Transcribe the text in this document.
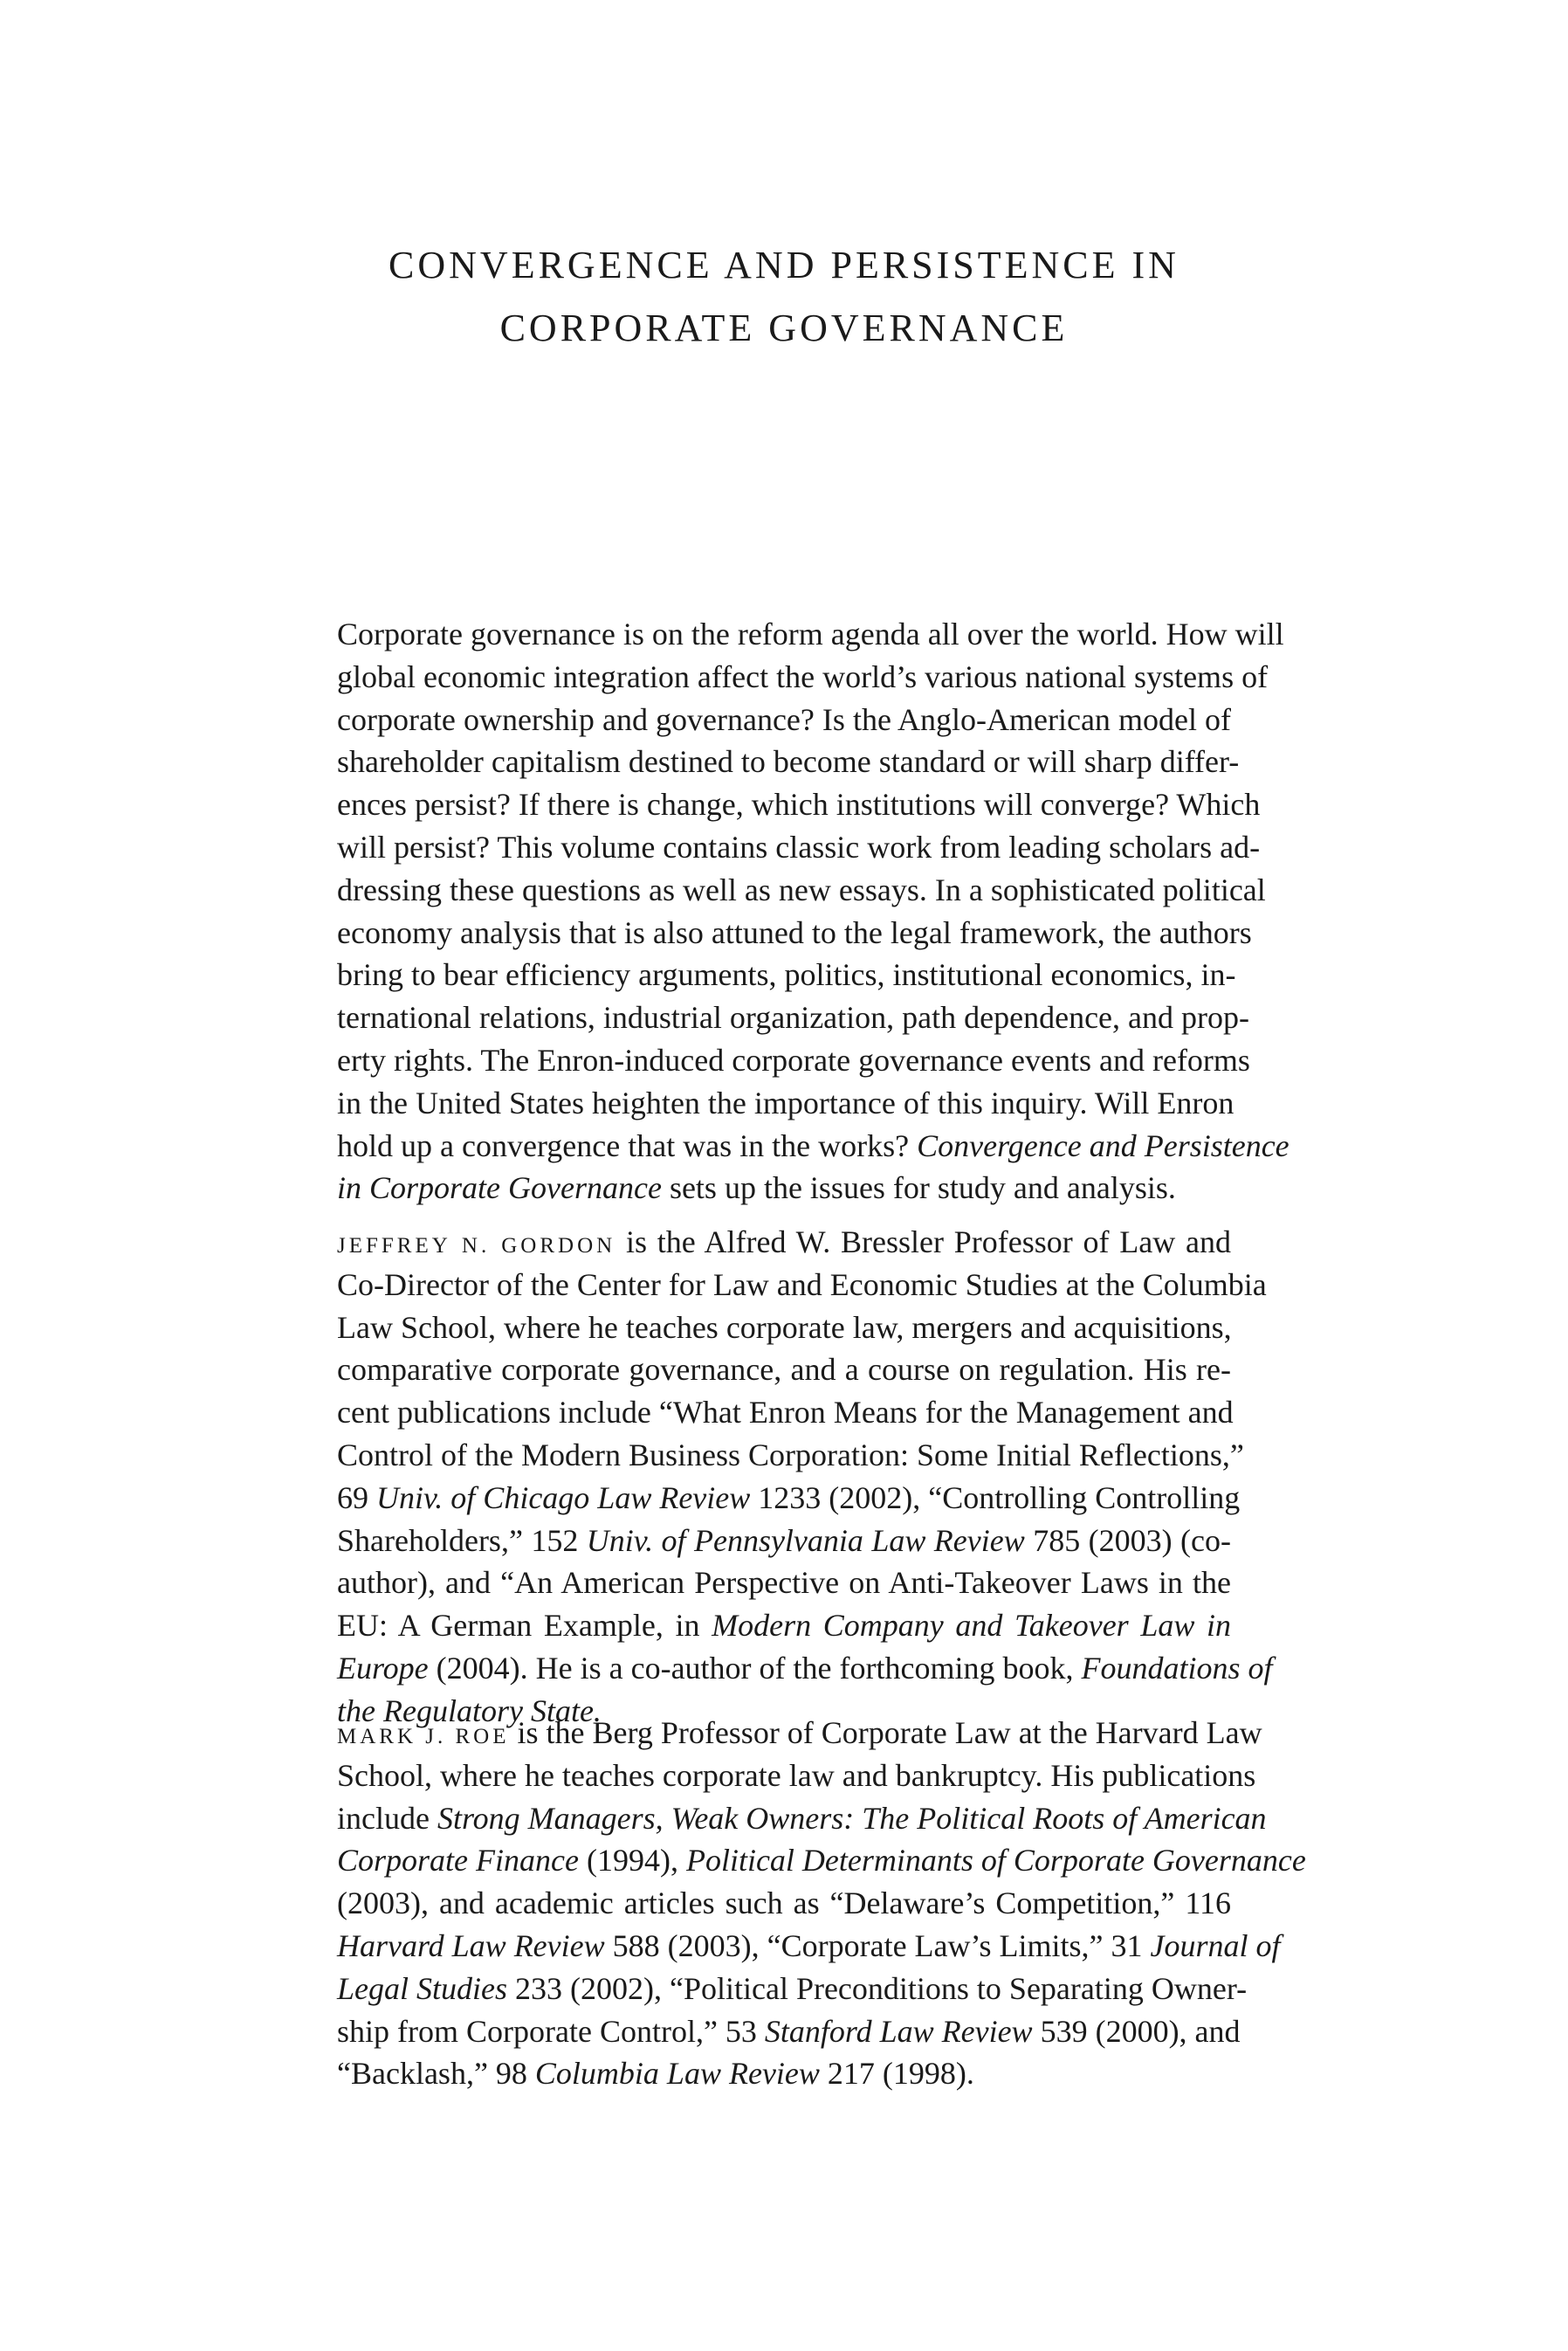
CONVERGENCE AND PERSISTENCE IN
CORPORATE GOVERNANCE

Corporate governance is on the reform agenda all over the world. How will
global economic integration affect the world’s various national systems of
corporate ownership and governance? Is the Anglo-American model of
shareholder capitalism destined to become standard or will sharp differ-
ences persist? If there is change, which institutions will converge? Which
will persist? This volume contains classic work from leading scholars ad-
dressing these questions as well as new essays. In a sophisticated political
economy analysis that is also attuned to the legal framework, the authors
bring to bear efficiency arguments, politics, institutional economics, in-
ternational relations, industrial organization, path dependence, and prop-
erty rights. The Enron-induced corporate governance events and reforms
in the United States heighten the importance of this inquiry. Will Enron
hold up a convergence that was in the works? Convergence and Persistence
in Corporate Governance sets up the issues for study and analysis.

JEFFREY N. GORDON is the Alfred W. Bressler Professor of Law and
Co-Director of the Center for Law and Economic Studies at the Columbia
Law School, where he teaches corporate law, mergers and acquisitions,
comparative corporate governance, and a course on regulation. His re-
cent publications include “What Enron Means for the Management and
Control of the Modern Business Corporation: Some Initial Reflections,”
69 Univ. of Chicago Law Review 1233 (2002), “Controlling Controlling
Shareholders,” 152 Univ. of Pennsylvania Law Review 785 (2003) (co-
author), and “An American Perspective on Anti-Takeover Laws in the
EU: A German Example, in Modern Company and Takeover Law in
Europe (2004). He is a co-author of the forthcoming book, Foundations of
the Regulatory State.

MARK J. ROE is the Berg Professor of Corporate Law at the Harvard Law
School, where he teaches corporate law and bankruptcy. His publications
include Strong Managers, Weak Owners: The Political Roots of American
Corporate Finance (1994), Political Determinants of Corporate Governance
(2003), and academic articles such as “Delaware’s Competition,” 116
Harvard Law Review 588 (2003), “Corporate Law’s Limits,” 31 Journal of
Legal Studies 233 (2002), “Political Preconditions to Separating Owner-
ship from Corporate Control,” 53 Stanford Law Review 539 (2000), and
“Backlash,” 98 Columbia Law Review 217 (1998).
